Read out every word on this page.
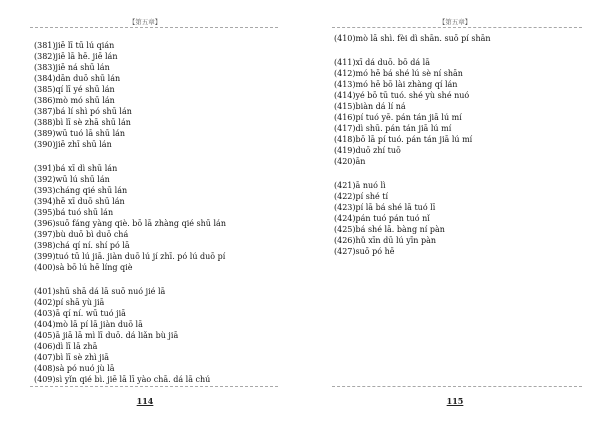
【第五章】
(381)jiē lī tū lú qián
(382)jiē lā hē. jiē lán
(383)jiē ná shū lán
(384)dān duō shū lán
(385)qí lī yé shū lán
(386)mò mó shū lán
(387)bá lí shì pó shū lán
(388)bì lī sè zhā shū lán
(389)wū tuó lā shū lán
(390)jiē zhī shū lán
(391)bá xī dì shū lán
(392)wū lú shū lán
(393)cháng qié shū lán
(394)hē xī duō shū lán
(395)bá tuó shū lán
(396)suō fáng yàng qiè. bō lā zhàng qié shū lán
(397)bù duō bì duō chá
(398)chá qí ní. shí pó lā
(399)tuó tū lú jiā. jiàn duō lú jí zhī. pó lú duō pí
(400)sà bō lú hē líng qiè
(401)shū shā dá lā suō nuó jié lā
(402)pí shā yù jiā
(403)ā qí ní. wū tuó jiā
(404)mò lā pí lā jiàn duō lā
(405)ā jiā lā mì lī duō. dá liǎn bù jiā
(406)dì lī lā zhā
(407)bì lī sè zhì jiā
(408)sà pó nuó jù lā
(409)sì yǐn qié bì. jiē lā lī yào chā. dá lā chú
114
【第五章】
(410)mò lā shì. fèi dì shān. suō pí shān
(411)xī dá duō. bō dá lā
(412)mó hē bá shé lú sè ní shān
(413)mó hē bō lài zhàng qí lán
(414)yé bō tū tuó. shé yù shé nuó
(415)biàn dá lí ná
(416)pí tuó yē. pán tán jiā lú mí
(417)dì shū. pán tán jiā lú mí
(418)bō lā pí tuó. pán tán jiā lú mí
(419)duō zhí tuō
(420)ān
(421)ā nuó lì
(422)pí shé tí
(423)pí lā bá shé lā tuó lī
(424)pán tuó pán tuó nǐ
(425)bá shé lā. bàng ní pàn
(426)hǔ xīn dū lú yīn pàn
(427)suō pó hē
115
